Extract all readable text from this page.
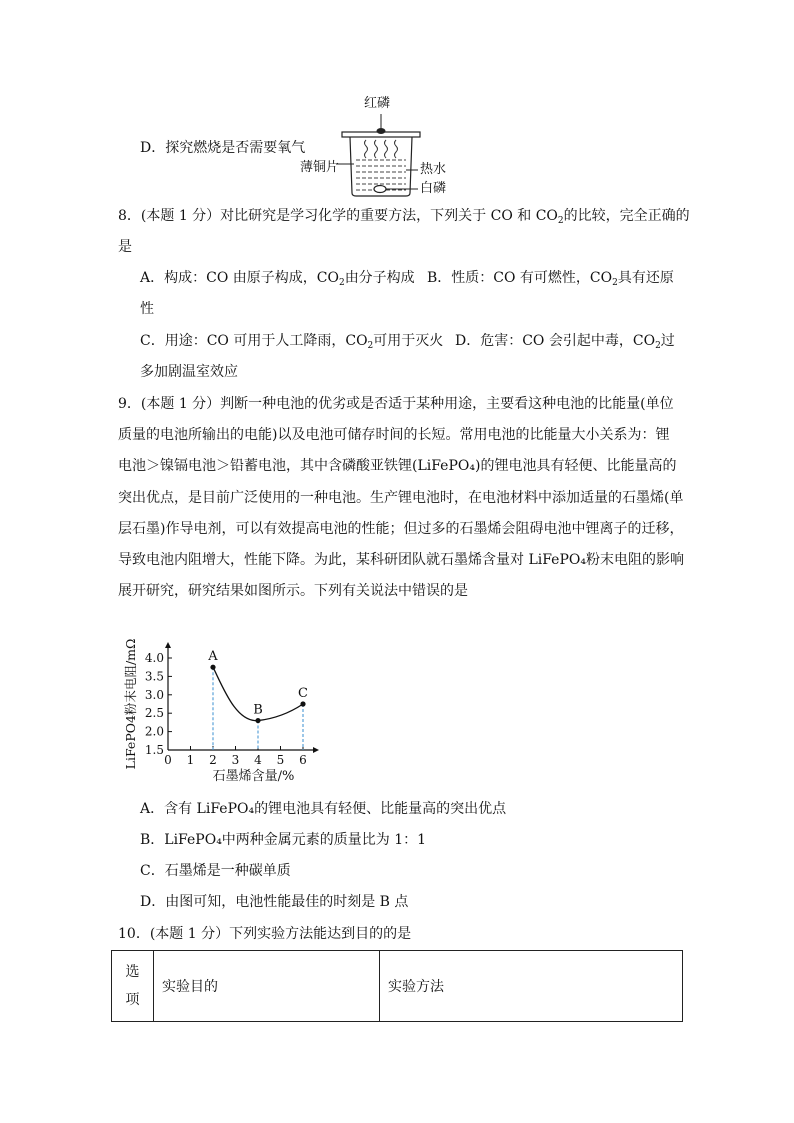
D．探究燃烧是否需要氧气
红磷
薄铜片	热水
白磷
8．(本题 1 分）对比研究是学习化学的重要方法，下列关于 CO 和 $CO_2$的比较，完全正确的
是
A．构成：CO 由原子构成，$CO_2$由分子构成 B．性质：CO 有可燃性，$CO_2$具有还原
性
C．用途：CO 可用于人工降雨，$CO_2$可用于灭火 D．危害：CO 会引起中毒，$CO_2$过
多加剧温室效应
9．(本题 1 分）判断一种电池的优劣或是否适于某种用途，主要看这种电池的比能量(单位
质量的电池所输出的电能)以及电池可储存时间的长短。常用电池的比能量大小关系为：锂
电池＞镍镉电池＞铅蓄电池，其中含磷酸亚铁锂(LiFePO₄)的锂电池具有轻便、比能量高的
突出优点，是目前广泛使用的一种电池。生产锂电池时，在电池材料中添加适量的石墨烯(单
层石墨)作导电剂，可以有效提高电池的性能；但过多的石墨烯会阻碍电池中锂离子的迁移，
导致电池内阻增大，性能下降。为此，某科研团队就石墨烯含量对 LiFePO₄粉末电阻的影响
展开研究，研究结果如图所示。下列有关说法中错误的是
1.5
2.0
2.5
3.0
3.5
4.0
0 1 2 3 4 5 6
A
B
C
石墨烯含量/%
LiFePO4粉末电阻/mΩ
A．含有 LiFePO₄的锂电池具有轻便、比能量高的突出优点
B．LiFePO₄中两种金属元素的质量比为 1：1
C．石墨烯是一种碳单质
D．由图可知，电池性能最佳的时刻是 B 点
10．(本题 1 分）下列实验方法能达到目的的是
选
项
	实验目的	实验方法
